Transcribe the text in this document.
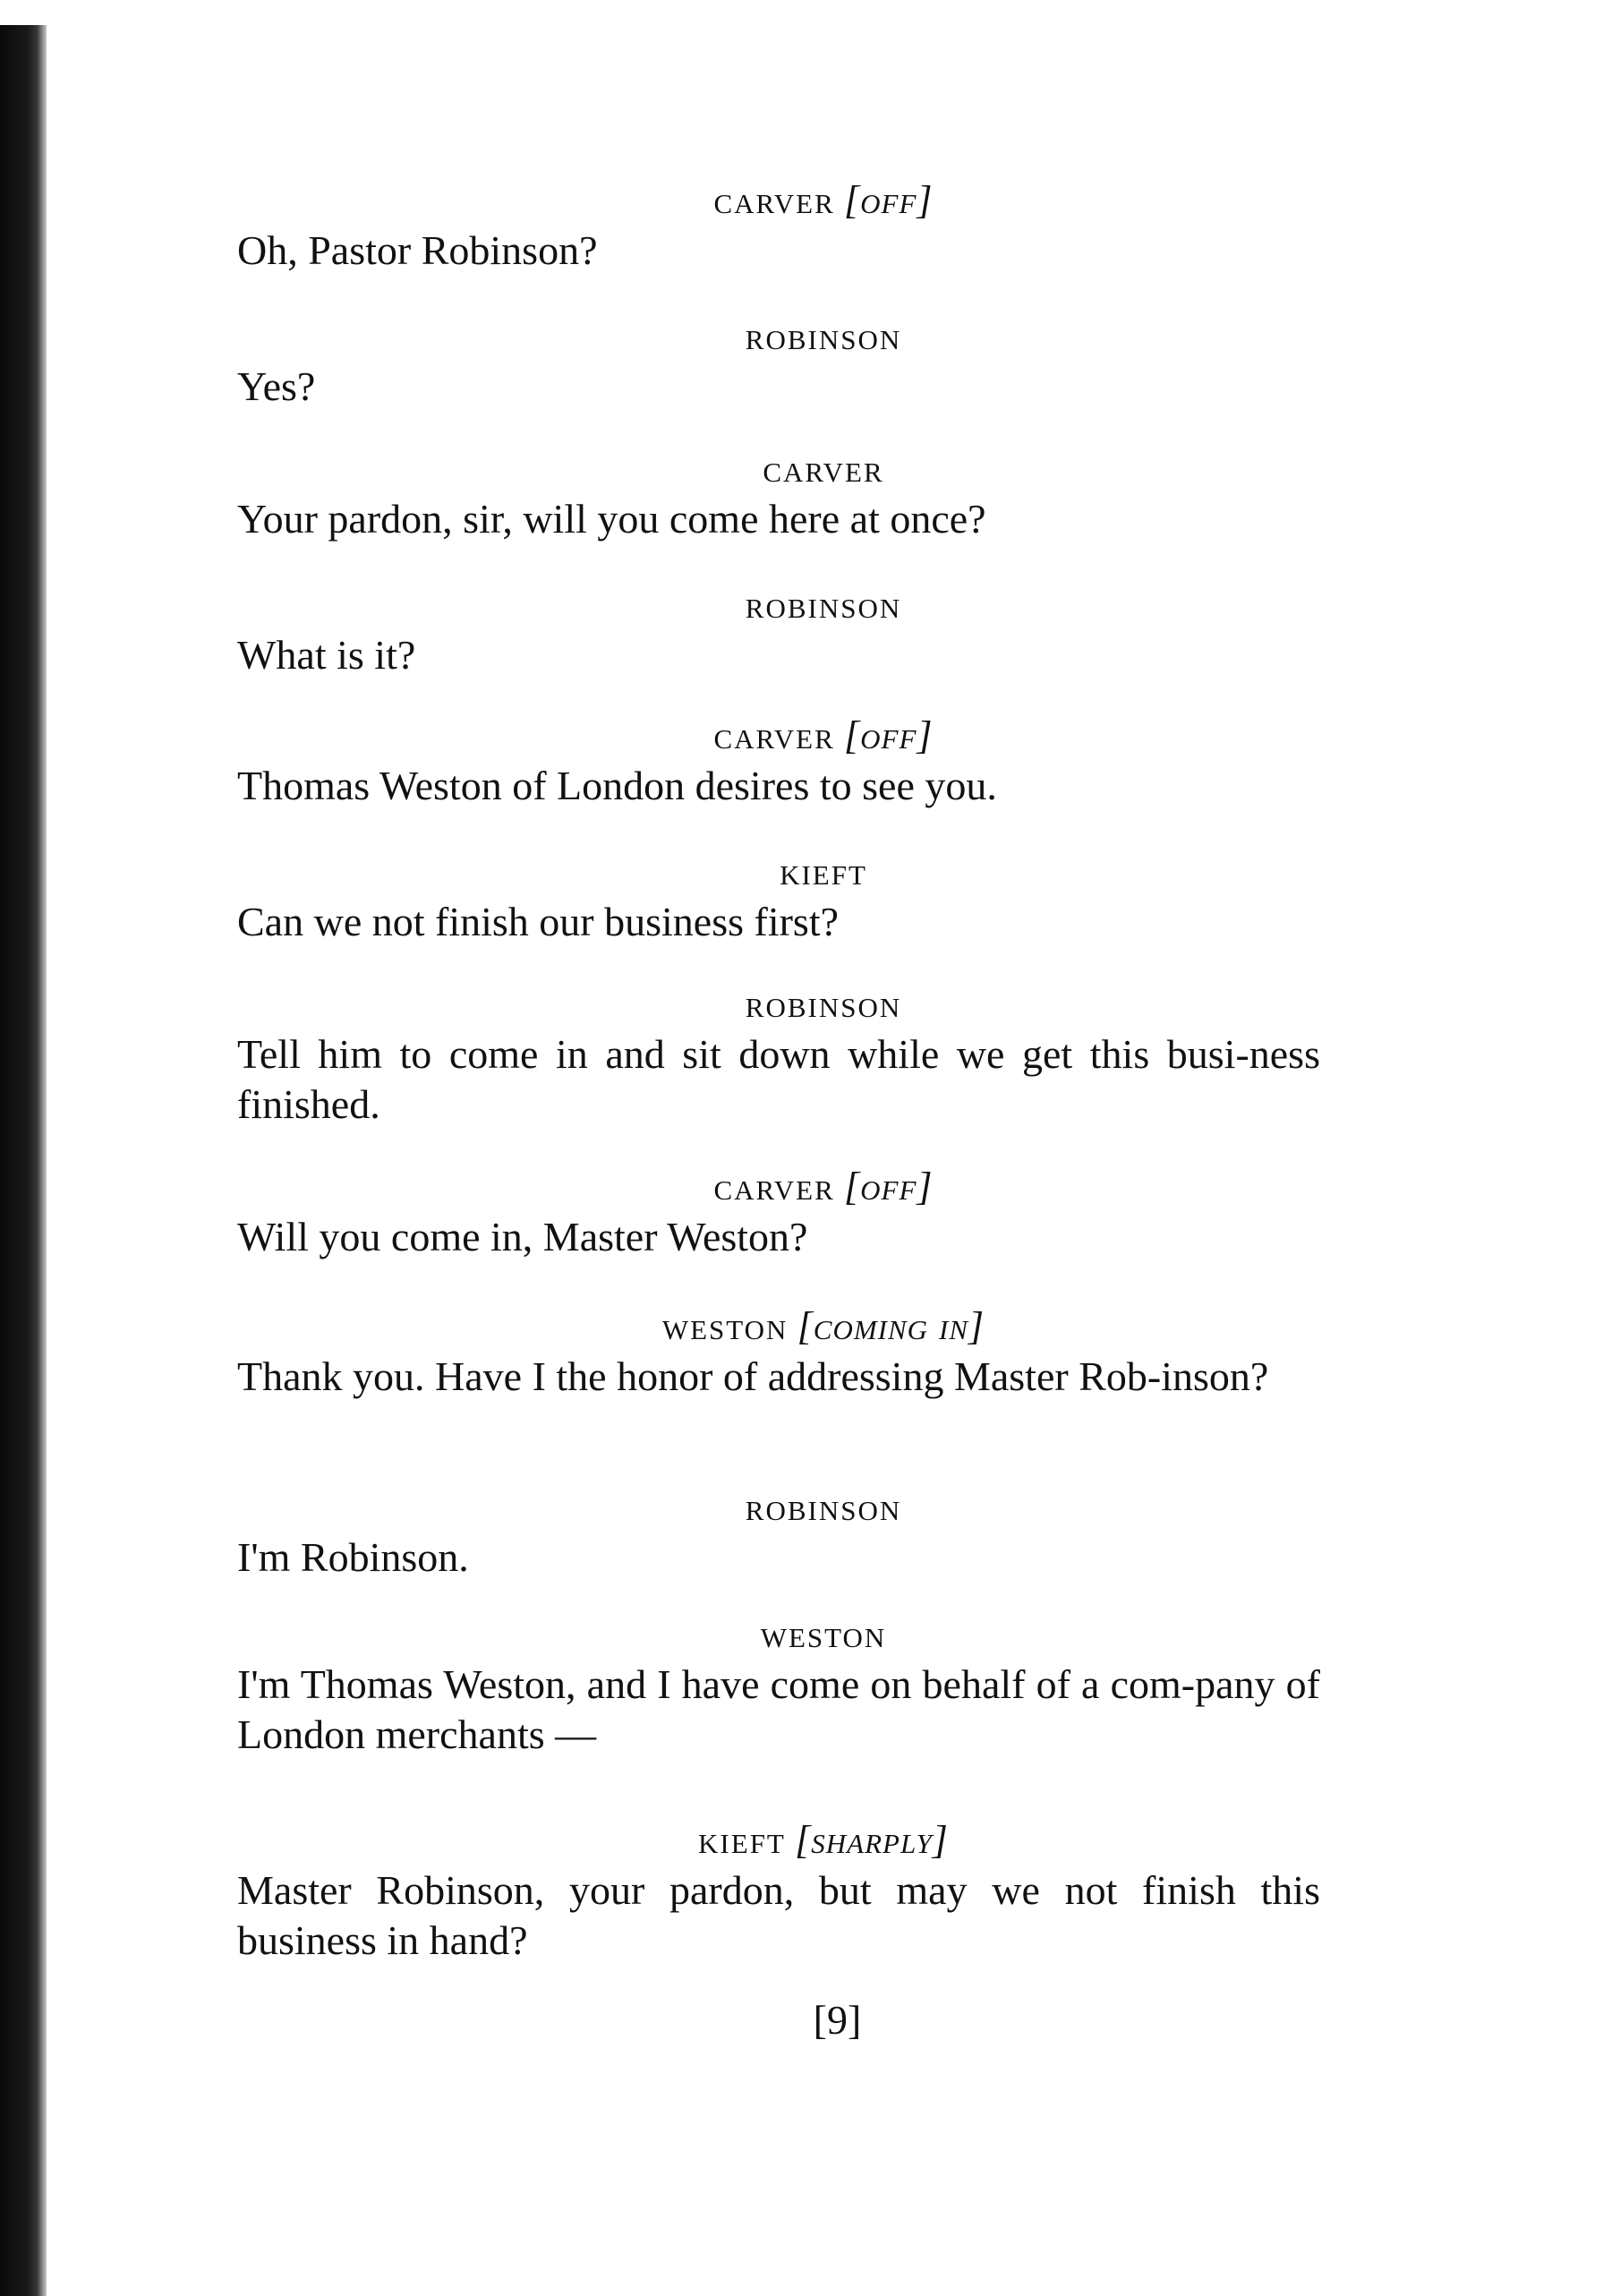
CARVER [off]
Oh, Pastor Robinson?
ROBINSON
Yes?
CARVER
Your pardon, sir, will you come here at once?
ROBINSON
What is it?
CARVER [off]
Thomas Weston of London desires to see you.
KIEFT
Can we not finish our business first?
ROBINSON
Tell him to come in and sit down while we get this busi-ness finished.
CARVER [off]
Will you come in, Master Weston?
WESTON [coming in]
Thank you. Have I the honor of addressing Master Rob-inson?
ROBINSON
I'm Robinson.
WESTON
I'm Thomas Weston, and I have come on behalf of a com-pany of London merchants —
KIEFT [sharply]
Master Robinson, your pardon, but may we not finish this business in hand?
[9]
